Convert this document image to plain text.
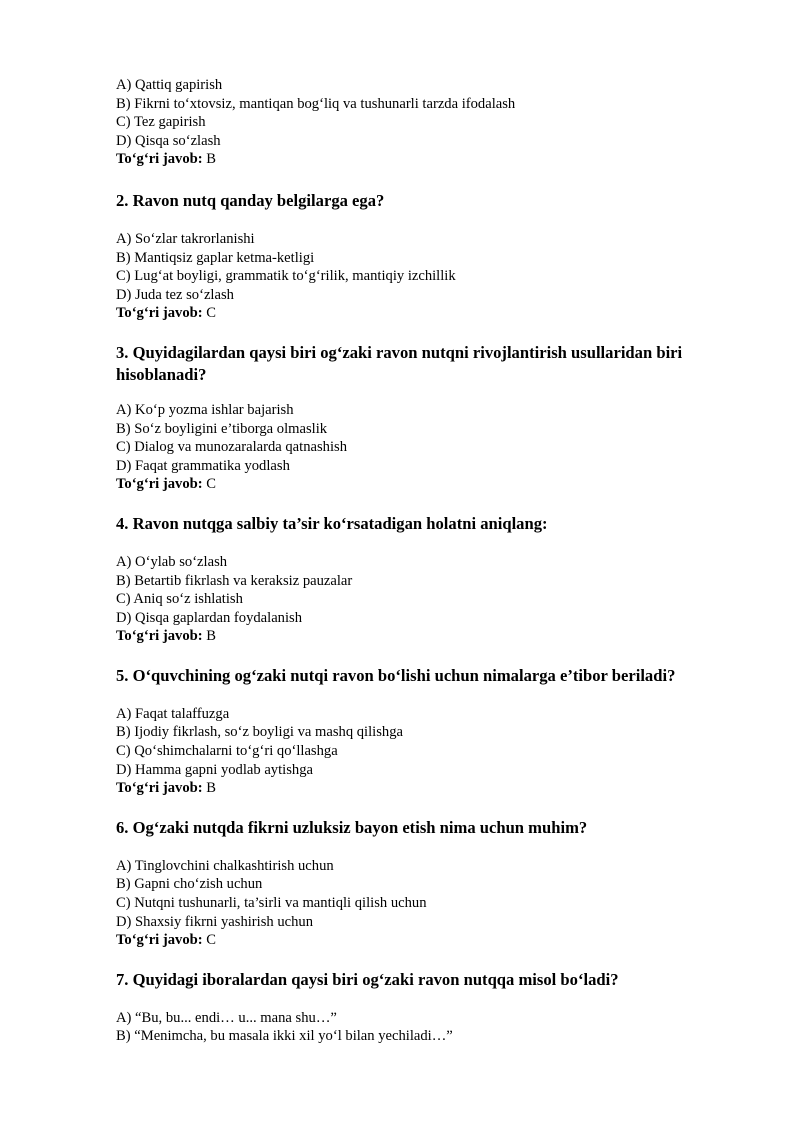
A) Qattiq gapirish
B) Fikrni to‘xtovsiz, mantiqan bog‘liq va tushunarli tarzda ifodalash
C) Tez gapirish
D) Qisqa so‘zlash
To‘g‘ri javob: B
2. Ravon nutq qanday belgilarga ega?
A) So‘zlar takrorlanishi
B) Mantiqsiz gaplar ketma-ketligi
C) Lug‘at boyligi, grammatik to‘g‘rilik, mantiqiy izchillik
D) Juda tez so‘zlash
To‘g‘ri javob: C
3. Quyidagilardan qaysi biri og‘zaki ravon nutqni rivojlantirish usullaridan biri hisoblanadi?
A) Ko‘p yozma ishlar bajarish
B) So‘z boyligini e’tiborga olmaslik
C) Dialog va munozaralarda qatnashish
D) Faqat grammatika yodlash
To‘g‘ri javob: C
4. Ravon nutqga salbiy ta’sir ko‘rsatadigan holatni aniqlang:
A) O‘ylab so‘zlash
B) Betartib fikrlash va keraksiz pauzalar
C) Aniq so‘z ishlatish
D) Qisqa gaplardan foydalanish
To‘g‘ri javob: B
5. O‘quvchining og‘zaki nutqi ravon bo‘lishi uchun nimalarga e’tibor beriladi?
A) Faqat talaffuzga
B) Ijodiy fikrlash, so‘z boyligi va mashq qilishga
C) Qo‘shimchalarni to‘g‘ri qo‘llashga
D) Hamma gapni yodlab aytishga
To‘g‘ri javob: B
6. Og‘zaki nutqda fikrni uzluksiz bayon etish nima uchun muhim?
A) Tinglovchini chalkashtirish uchun
B) Gapni cho‘zish uchun
C) Nutqni tushunarli, ta’sirli va mantiqli qilish uchun
D) Shaxsiy fikrni yashirish uchun
To‘g‘ri javob: C
7. Quyidagi iboralardan qaysi biri og‘zaki ravon nutqqa misol bo‘ladi?
A) “Bu, bu... endi… u... mana shu…”
B) “Menimcha, bu masala ikki xil yo‘l bilan yechiladi…”
